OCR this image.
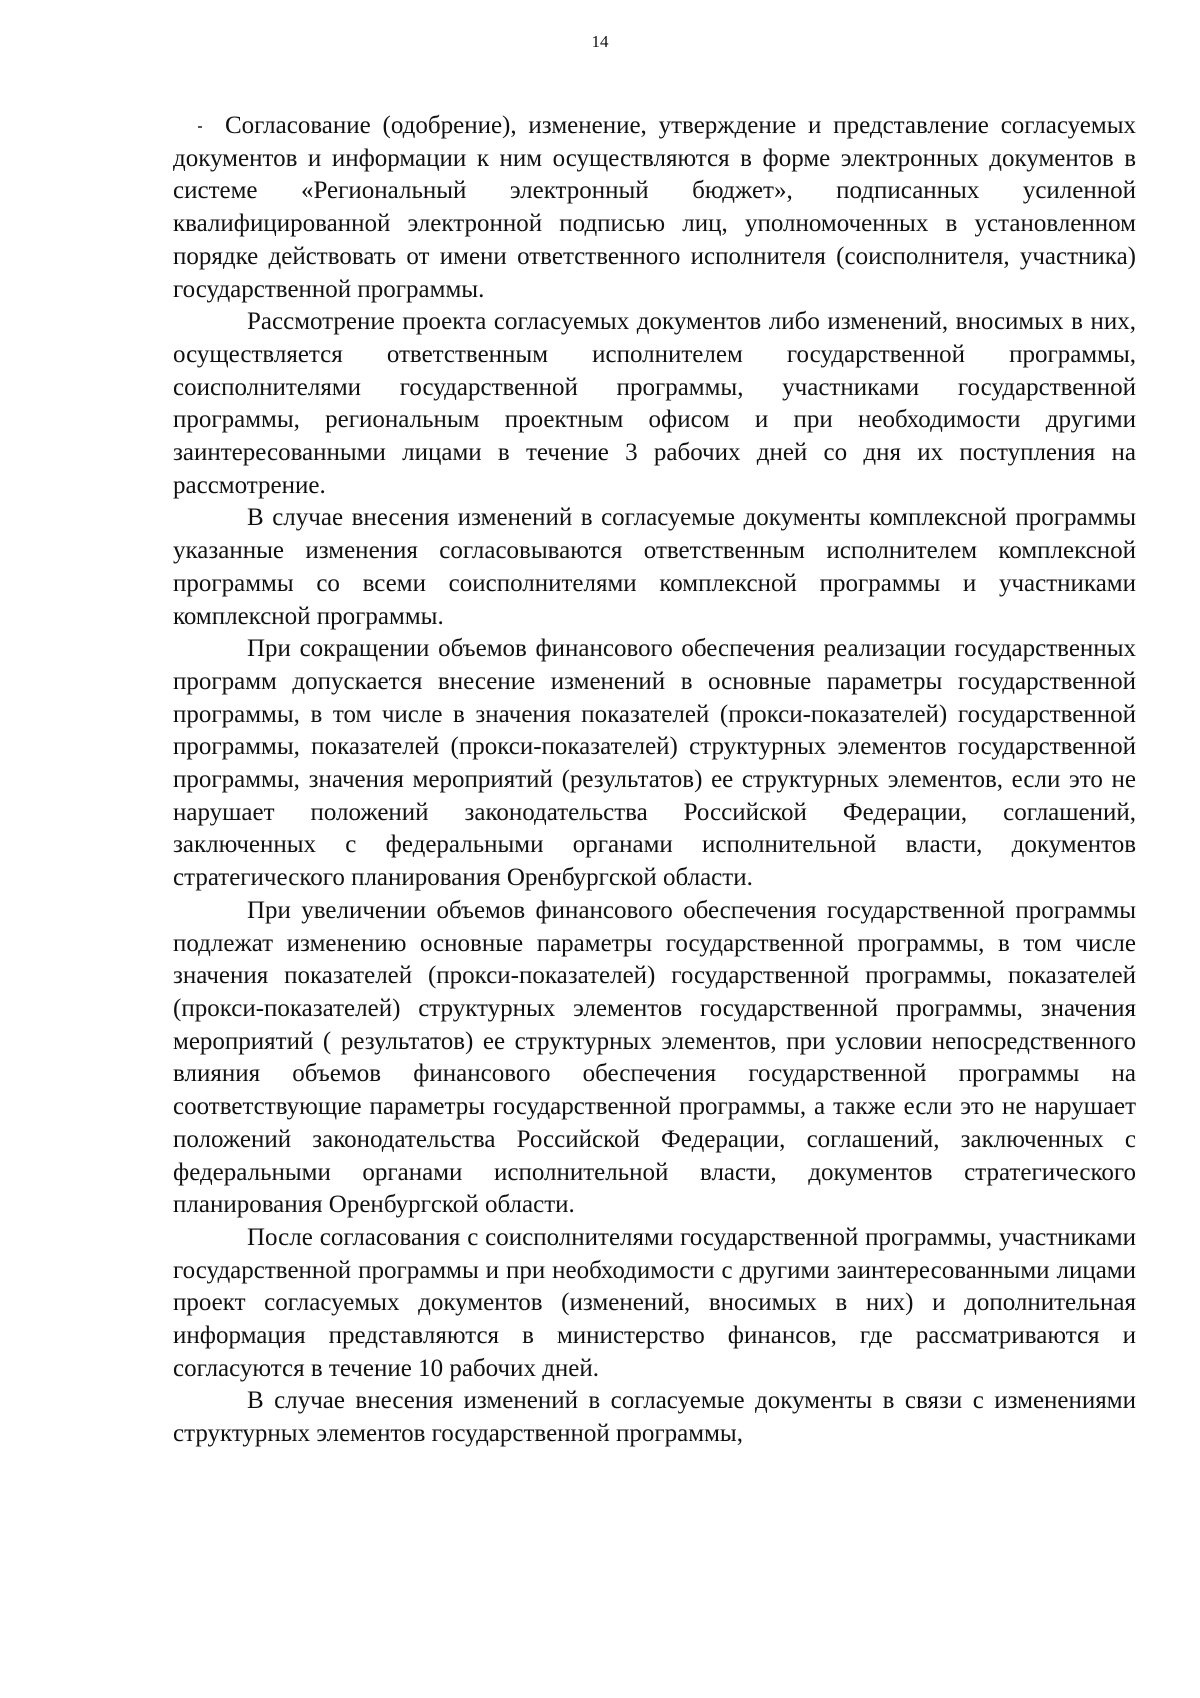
14

Согласование (одобрение), изменение, утверждение и представление согласуемых документов и информации к ним осуществляются в форме электронных документов в системе «Региональный электронный бюджет», подписанных усиленной квалифицированной электронной подписью лиц, уполномоченных в установленном порядке действовать от имени ответственного исполнителя (соисполнителя, участника) государственной программы.

Рассмотрение проекта согласуемых документов либо изменений, вносимых в них, осуществляется ответственным исполнителем государственной программы, соисполнителями государственной программы, участниками государственной программы, региональным проектным офисом и при необходимости другими заинтересованными лицами в течение 3 рабочих дней со дня их поступления на рассмотрение.

В случае внесения изменений в согласуемые документы комплексной программы указанные изменения согласовываются ответственным исполнителем комплексной программы со всеми соисполнителями комплексной программы и участниками комплексной программы.

При сокращении объемов финансового обеспечения реализации государственных программ допускается внесение изменений в основные параметры государственной программы, в том числе в значения показателей (прокси-показателей) государственной программы, показателей (прокси-показателей) структурных элементов государственной программы, значения мероприятий (результатов) ее структурных элементов, если это не нарушает положений законодательства Российской Федерации, соглашений, заключенных с федеральными органами исполнительной власти, документов стратегического планирования Оренбургской области.

При увеличении объемов финансового обеспечения государственной программы подлежат изменению основные параметры государственной программы, в том числе значения показателей (прокси-показателей) государственной программы, показателей (прокси-показателей) структурных элементов государственной программы, значения мероприятий ( результатов) ее структурных элементов, при условии непосредственного влияния объемов финансового обеспечения государственной программы на соответствующие параметры государственной программы, а также если это не нарушает положений законодательства Российской Федерации, соглашений, заключенных с федеральными органами исполнительной власти, документов стратегического планирования Оренбургской области.

После согласования с соисполнителями государственной программы, участниками государственной программы и при необходимости с другими заинтересованными лицами проект согласуемых документов (изменений, вносимых в них) и дополнительная информация представляются в министерство финансов, где рассматриваются и согласуются в течение 10 рабочих дней.

В случае внесения изменений в согласуемые документы в связи с изменениями структурных элементов государственной программы,
